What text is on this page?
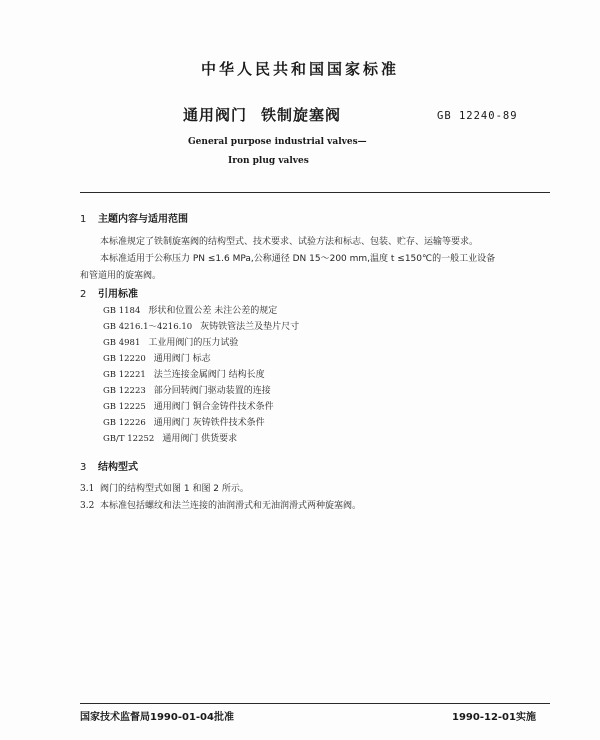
中华人民共和国国家标准
通用阀门 铁制旋塞阀	GB 12240-89
General purpose industrial valves—
Iron plug valves
1 主题内容与适用范围
本标准规定了铁制旋塞阀的结构型式、技术要求、试验方法和标志、包装、贮存、运输等要求。
本标准适用于公称压力 PN ≤1.6 MPa,公称通径 DN 15～200 mm,温度 t ≤150℃的一般工业设备
和管道用的旋塞阀。
2 引用标准
GB 1184 形状和位置公差 未注公差的规定
GB 4216.1～4216.10 灰铸铁管法兰及垫片尺寸
GB 4981 工业用阀门的压力试验
GB 12220 通用阀门 标志
GB 12221 法兰连接金属阀门 结构长度
GB 12223 部分回转阀门驱动装置的连接
GB 12225 通用阀门 铜合金铸件技术条件
GB 12226 通用阀门 灰铸铁件技术条件
GB/T 12252 通用阀门 供货要求
3 结构型式
3.1 阀门的结构型式如图 1 和图 2 所示。
3.2 本标准包括螺纹和法兰连接的油润滑式和无油润滑式两种旋塞阀。
国家技术监督局1990-01-04批准	1990-12-01实施
